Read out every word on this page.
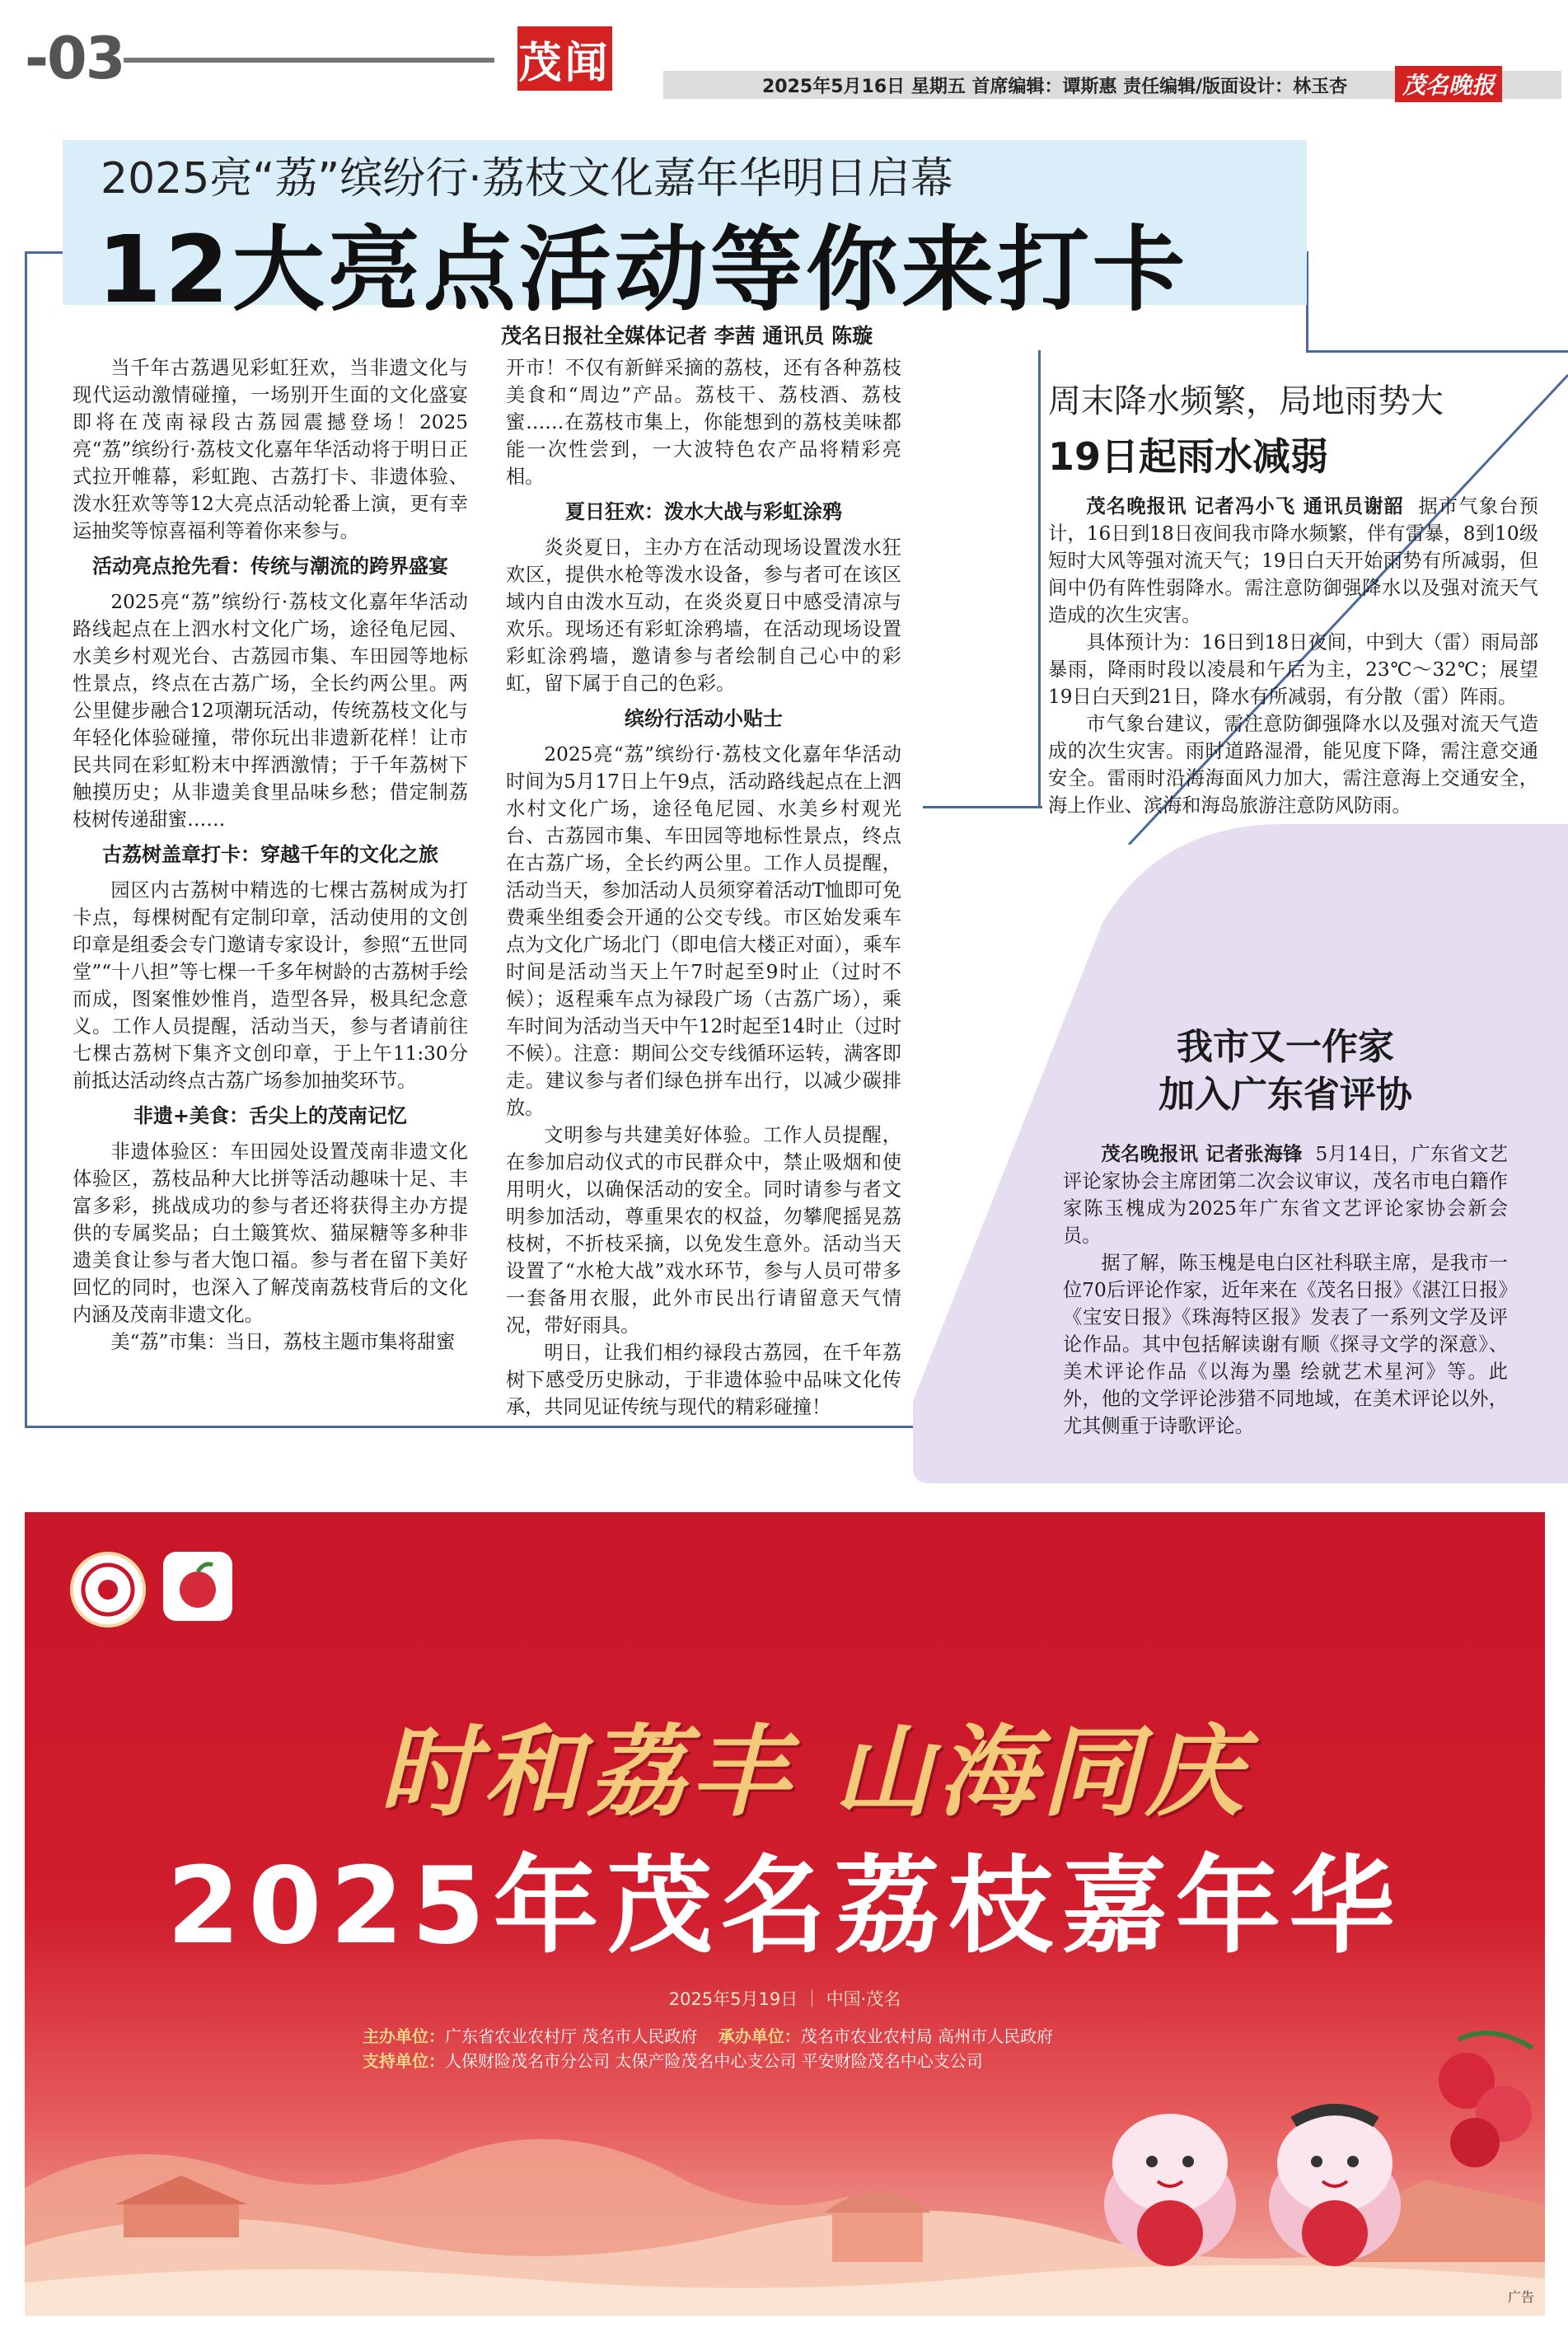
-03	茂闻	2025年5月16日 星期五 首席编辑：谭斯惠 责任编辑/版面设计：林玉杏	茂名晚报
2025亮“荔”缤纷行·荔枝文化嘉年华明日启幕
12大亮点活动等你来打卡
茂名日报社全媒体记者 李茜 通讯员 陈璇

当千年古荔遇见彩虹狂欢，当非遗文化与现代运动激情碰撞，一场别开生面的文化盛宴即将在茂南禄段古荔园震撼登场！2025亮“荔”缤纷行·荔枝文化嘉年华活动将于明日正式拉开帷幕，彩虹跑、古荔打卡、非遗体验、泼水狂欢等等12大亮点活动轮番上演，更有幸运抽奖等惊喜福利等着你来参与。

活动亮点抢先看：传统与潮流的跨界盛宴

2025亮“荔”缤纷行·荔枝文化嘉年华活动路线起点在上泗水村文化广场，途径龟尼园、水美乡村观光台、古荔园市集、车田园等地标性景点，终点在古荔广场，全长约两公里。两公里健步融合12项潮玩活动，传统荔枝文化与年轻化体验碰撞，带你玩出非遗新花样！让市民共同在彩虹粉末中挥洒激情；于千年荔树下触摸历史；从非遗美食里品味乡愁；借定制荔枝树传递甜蜜……

古荔树盖章打卡：穿越千年的文化之旅

园区内古荔树中精选的七棵古荔树成为打卡点，每棵树配有定制印章，活动使用的文创印章是组委会专门邀请专家设计，参照“五世同堂”“十八担”等七棵一千多年树龄的古荔树手绘而成，图案惟妙惟肖，造型各异，极具纪念意义。工作人员提醒，活动当天，参与者请前往七棵古荔树下集齐文创印章，于上午11:30分前抵达活动终点古荔广场参加抽奖环节。

非遗+美食：舌尖上的茂南记忆

非遗体验区：车田园处设置茂南非遗文化体验区，荔枝品种大比拼等活动趣味十足、丰富多彩，挑战成功的参与者还将获得主办方提供的专属奖品；白土簸箕炊、猫屎糖等多种非遗美食让参与者大饱口福。参与者在留下美好回忆的同时，也深入了解茂南荔枝背后的文化内涵及茂南非遗文化。

美“荔”市集：当日，荔枝主题市集将甜蜜

开市！不仅有新鲜采摘的荔枝，还有各种荔枝美食和“周边”产品。荔枝干、荔枝酒、荔枝蜜……在荔枝市集上，你能想到的荔枝美味都能一次性尝到，一大波特色农产品将精彩亮相。

夏日狂欢：泼水大战与彩虹涂鸦

炎炎夏日，主办方在活动现场设置泼水狂欢区，提供水枪等泼水设备，参与者可在该区域内自由泼水互动，在炎炎夏日中感受清凉与欢乐。现场还有彩虹涂鸦墙，在活动现场设置彩虹涂鸦墙，邀请参与者绘制自己心中的彩虹，留下属于自己的色彩。

缤纷行活动小贴士

2025亮“荔”缤纷行·荔枝文化嘉年华活动时间为5月17日上午9点，活动路线起点在上泗水村文化广场，途径龟尼园、水美乡村观光台、古荔园市集、车田园等地标性景点，终点在古荔广场，全长约两公里。工作人员提醒，活动当天，参加活动人员须穿着活动T恤即可免费乘坐组委会开通的公交专线。市区始发乘车点为文化广场北门（即电信大楼正对面），乘车时间是活动当天上午7时起至9时止（过时不候）；返程乘车点为禄段广场（古荔广场），乘车时间为活动当天中午12时起至14时止（过时不候）。注意：期间公交专线循环运转，满客即走。建议参与者们绿色拼车出行，以减少碳排放。

文明参与共建美好体验。工作人员提醒，在参加启动仪式的市民群众中，禁止吸烟和使用明火，以确保活动的安全。同时请参与者文明参加活动，尊重果农的权益，勿攀爬摇晃荔枝树，不折枝采摘，以免发生意外。活动当天设置了“水枪大战”戏水环节，参与人员可带多一套备用衣服，此外市民出行请留意天气情况，带好雨具。

明日，让我们相约禄段古荔园，在千年荔树下感受历史脉动，于非遗体验中品味文化传承，共同见证传统与现代的精彩碰撞！

周末降水频繁，局地雨势大
19日起雨水减弱

茂名晚报讯 记者冯小飞 通讯员谢韶 据市气象台预计，16日到18日夜间我市降水频繁，伴有雷暴，8到10级短时大风等强对流天气；19日白天开始雨势有所减弱，但间中仍有阵性弱降水。需注意防御强降水以及强对流天气造成的次生灾害。

具体预计为：16日到18日夜间，中到大（雷）雨局部暴雨，降雨时段以凌晨和午后为主，23℃～32℃；展望19日白天到21日，降水有所减弱，有分散（雷）阵雨。

市气象台建议，需注意防御强降水以及强对流天气造成的次生灾害。雨时道路湿滑，能见度下降，需注意交通安全。雷雨时沿海海面风力加大，需注意海上交通安全，海上作业、滨海和海岛旅游注意防风防雨。

我市又一作家
加入广东省评协

茂名晚报讯 记者张海锋 5月14日，广东省文艺评论家协会主席团第二次会议审议，茂名市电白籍作家陈玉槐成为2025年广东省文艺评论家协会新会员。

据了解，陈玉槐是电白区社科联主席，是我市一位70后评论作家，近年来在《茂名日报》《湛江日报》《宝安日报》《珠海特区报》发表了一系列文学及评论作品。其中包括解读谢有顺《探寻文学的深意》、美术评论作品《以海为墨 绘就艺术星河》等。此外，他的文学评论涉猎不同地域，在美术评论以外，尤其侧重于诗歌评论。

时和荔丰 山海同庆
2025年茂名荔枝嘉年华
2025年5月19日 ｜ 中国·茂名
主办单位：广东省农业农村厅 茂名市人民政府 承办单位：茂名市农业农村局 高州市人民政府
支持单位：人保财险茂名市分公司 太保产险茂名中心支公司 平安财险茂名中心支公司
广告
